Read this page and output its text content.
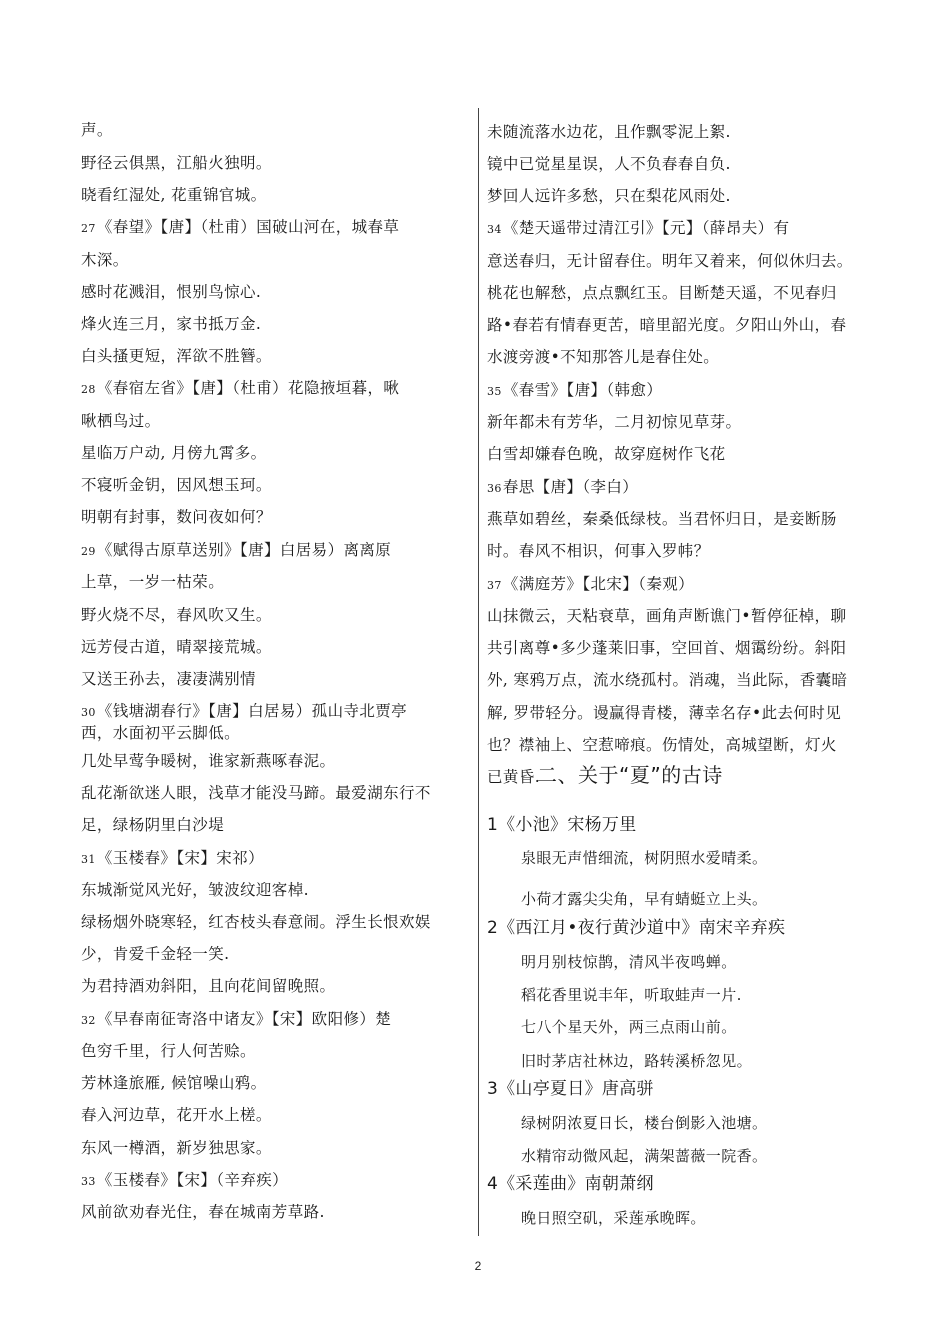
声。
野径云俱黑，江船火独明。
晓看红湿处, 花重锦官城。
27《春望》【唐】（杜甫）国破山河在，城春草
木深。
感时花溅泪，恨别鸟惊心.
烽火连三月，家书抵万金.
白头搔更短，浑欲不胜簪。
28《春宿左省》【唐】（杜甫）花隐掖垣暮，啾
啾栖鸟过。
星临万户动, 月傍九霄多。
不寝听金钥，因风想玉珂。
明朝有封事，数问夜如何？
29《赋得古原草送别》【唐】白居易）离离原
上草，一岁一枯荣。
野火烧不尽，春风吹又生。
远芳侵古道，晴翠接荒城。
又送王孙去，凄凄满别情
30《钱塘湖春行》【唐】白居易）孤山寺北贾亭
西，水面初平云脚低。
几处早莺争暖树，谁家新燕啄春泥。
乱花渐欲迷人眼，浅草才能没马蹄。最爱湖东行不
足，绿杨阴里白沙堤
31《玉楼春》【宋】宋祁）
东城渐觉风光好，皱波纹迎客棹.
绿杨烟外晓寒轻，红杏枝头春意闹。浮生长恨欢娱
少，肯爱千金轻一笑.
为君持酒劝斜阳，且向花间留晚照。
32《早春南征寄洛中诸友》【宋】欧阳修）楚
色穷千里，行人何苦赊。
芳林逢旅雁, 候馆噪山鸦。
春入河边草，花开水上槎。
东风一樽酒，新岁独思家。
33《玉楼春》【宋】（辛弃疾）
风前欲劝春光住，春在城南芳草路.
未随流落水边花，且作飘零泥上絮.
镜中已觉星星误，人不负春春自负.
梦回人远许多愁，只在梨花风雨处.
34《楚天遥带过清江引》【元】（薛昂夫）有
意送春归，无计留春住。明年又着来，何似休归去。
桃花也解愁，点点飘红玉。目断楚天遥，不见春归
路•春若有情春更苦，暗里韶光度。夕阳山外山，春
水渡旁渡•不知那答儿是春住处。
35《春雪》【唐】（韩愈）
新年都未有芳华，二月初惊见草芽。
白雪却嫌春色晚，故穿庭树作飞花
36春思【唐】（李白）
燕草如碧丝，秦桑低绿枝。当君怀归日，是妾断肠
时。春风不相识，何事入罗帏？
37《满庭芳》【北宋】（秦观）
山抹微云，天粘衰草，画角声断谯门•暂停征棹，聊
共引离尊•多少蓬莱旧事，空回首、烟霭纷纷。斜阳
外, 寒鸦万点，流水绕孤村。消魂，当此际，香囊暗
解, 罗带轻分。谩赢得青楼，薄幸名存•此去何时见
也？襟袖上、空惹啼痕。伤情处，高城望断，灯火
已黄昏.
二、关于“夏”的古诗
1《小池》宋杨万里
泉眼无声惜细流，树阴照水爱晴柔。
小荷才露尖尖角，早有蜻蜓立上头。
2《西江月•夜行黄沙道中》南宋辛弃疾
明月别枝惊鹊，清风半夜鸣蝉。
稻花香里说丰年，听取蛙声一片.
七八个星天外，两三点雨山前。
旧时茅店社林边，路转溪桥忽见。
3《山亭夏日》唐高骈
绿树阴浓夏日长，楼台倒影入池塘。
水精帘动微风起，满架蔷薇一院香。
4《采莲曲》南朝萧纲
晚日照空矶，采莲承晚晖。
2
